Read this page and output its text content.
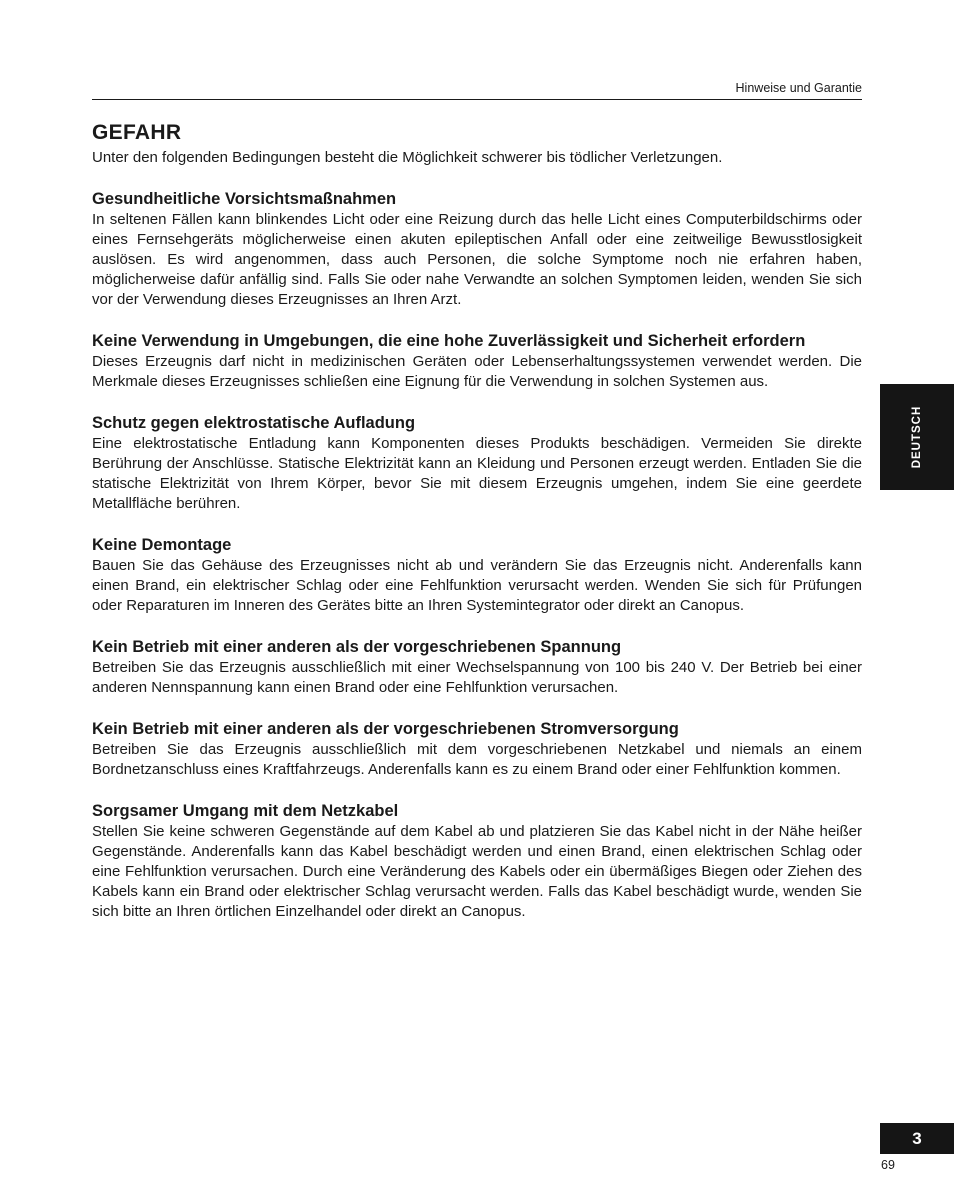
Hinweise und Garantie
GEFAHR

Unter den folgenden Bedingungen besteht die Möglichkeit schwerer bis tödlicher Verletzungen.

Gesundheitliche Vorsichtsmaßnahmen

In seltenen Fällen kann blinkendes Licht oder eine Reizung durch das helle Licht eines Computerbildschirms oder eines Fernsehgeräts möglicherweise einen akuten epileptischen Anfall oder eine zeitweilige Bewusstlosigkeit auslösen. Es wird angenommen, dass auch Personen, die solche Symptome noch nie erfahren haben, möglicherweise dafür anfällig sind. Falls Sie oder nahe Verwandte an solchen Symptomen leiden, wenden Sie sich vor der Verwendung dieses Erzeugnisses an Ihren Arzt.

Keine Verwendung in Umgebungen, die eine hohe Zuverlässigkeit und Sicherheit erfordern

Dieses Erzeugnis darf nicht in medizinischen Geräten oder Lebenserhaltungssystemen verwendet werden. Die Merkmale dieses Erzeugnisses schließen eine Eignung für die Verwendung in solchen Systemen aus.

Schutz gegen elektrostatische Aufladung

Eine elektrostatische Entladung kann Komponenten dieses Produkts beschädigen. Vermeiden Sie direkte Berührung der Anschlüsse. Statische Elektrizität kann an Kleidung und Personen erzeugt werden. Entladen Sie die statische Elektrizität von Ihrem Körper, bevor Sie mit diesem Erzeugnis umgehen, indem Sie eine geerdete Metallfläche berühren.

Keine Demontage

Bauen Sie das Gehäuse des Erzeugnisses nicht ab und verändern Sie das Erzeugnis nicht. Anderenfalls kann einen Brand, ein elektrischer Schlag oder eine Fehlfunktion verursacht werden. Wenden Sie sich für Prüfungen oder Reparaturen im Inneren des Gerätes bitte an Ihren Systemintegrator oder direkt an Canopus.

Kein Betrieb mit einer anderen als der vorgeschriebenen Spannung

Betreiben Sie das Erzeugnis ausschließlich mit einer Wechselspannung von 100 bis 240 V. Der Betrieb bei einer anderen Nennspannung kann einen Brand oder eine Fehlfunktion verursachen.

Kein Betrieb mit einer anderen als der vorgeschriebenen Stromversorgung

Betreiben Sie das Erzeugnis ausschließlich mit dem vorgeschriebenen Netzkabel und niemals an einem Bordnetzanschluss eines Kraftfahrzeugs. Anderenfalls kann es zu einem Brand oder einer Fehlfunktion kommen.

Sorgsamer Umgang mit dem Netzkabel

Stellen Sie keine schweren Gegenstände auf dem Kabel ab und platzieren Sie das Kabel nicht in der Nähe heißer Gegenstände. Anderenfalls kann das Kabel beschädigt werden und einen Brand, einen elektrischen Schlag oder eine Fehlfunktion verursachen. Durch eine Veränderung des Kabels oder ein übermäßiges Biegen oder Ziehen des Kabels kann ein Brand oder elektrischer Schlag verursacht werden. Falls das Kabel beschädigt wurde, wenden Sie sich bitte an Ihren örtlichen Einzelhandel oder direkt an Canopus.

DEUTSCH
3
69
